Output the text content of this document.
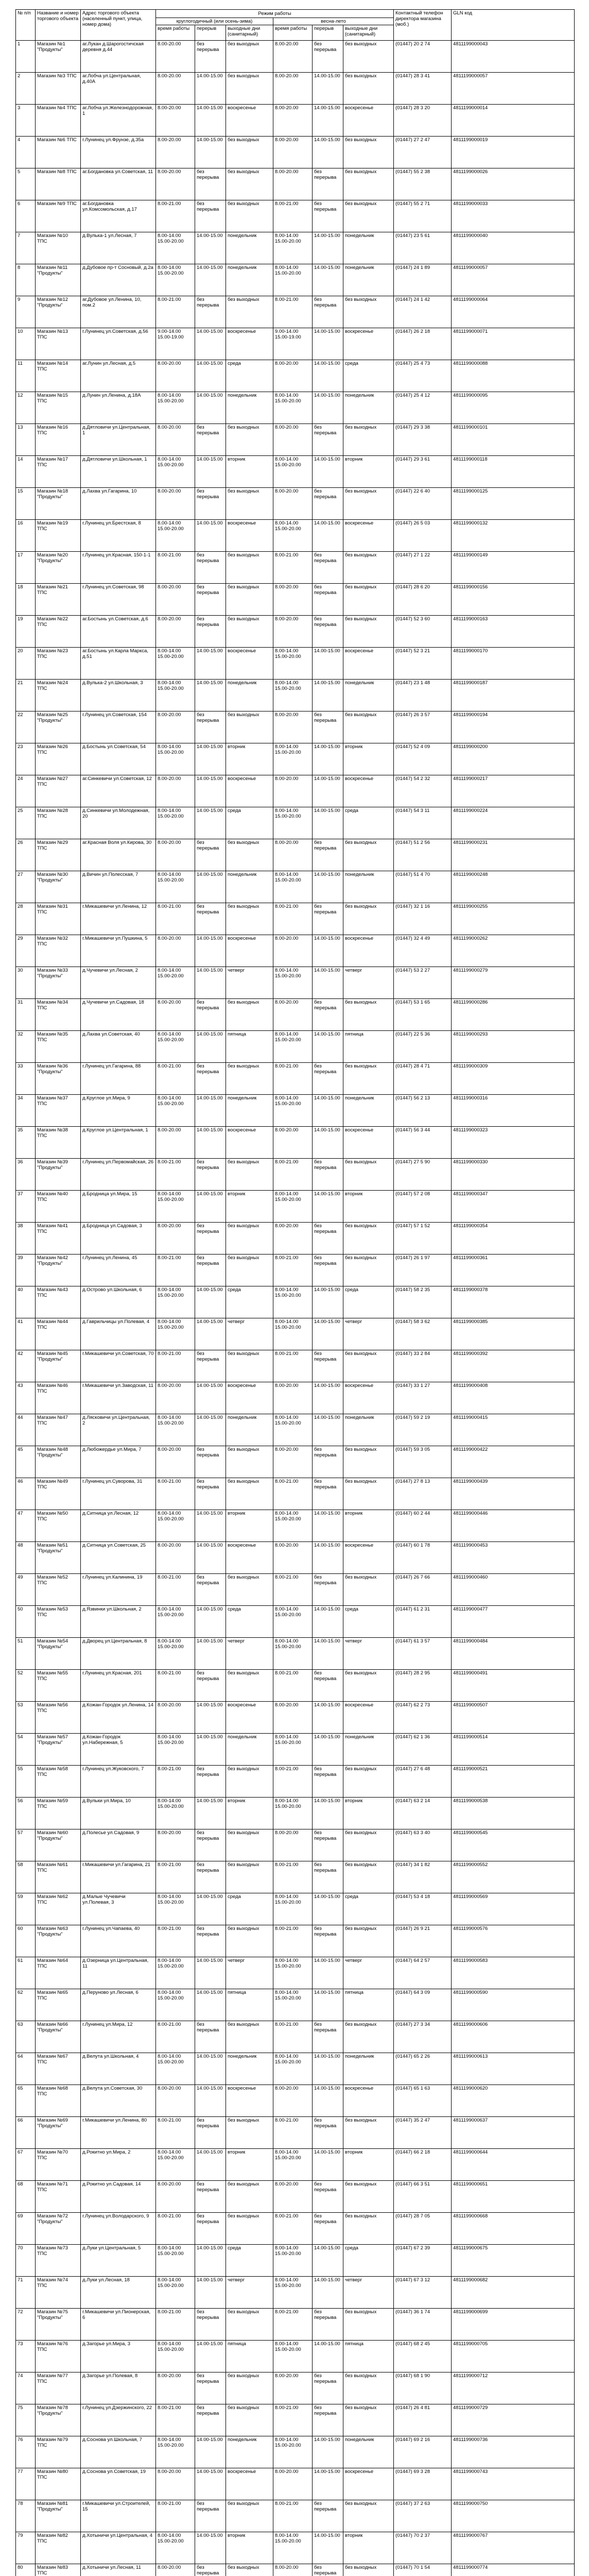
№ п/п	Название и номер торгового объекта	Адрес торгового объекта (населенный пункт, улица, номер дома)	Режим работы						Контактный телефон директора магазина (моб.)	GLN код
			круглогодичный (или осень-зима)			весна-лето				
			время работы	перерыв	выходные дни (санитарный)	время работы	перерыв	выходные дни (санитарный)		
1	Магазин №1 "Продукты"	аг.Лукан д.Шарогостичская деревня д.44	8.00-20.00	без перерыва	без выходных	8.00-20.00	без перерыва	без выходных	(01447) 20 2 74	4811199000043
2	Магазин №3 ТПС	аг.Лобча ул.Центральная, д.40А	8.00-20.00	14.00-15.00	без выходных	8.00-20.00	14.00-15.00	без выходных	(01447) 28 3 41	4811199000057
3	Магазин №4 ТПС	аг.Лобча ул.Железнодорожная, 1	8.00-20.00	14.00-15.00	воскресенье	8.00-20.00	14.00-15.00	воскресенье	(01447) 28 3 20	4811199000014
4	Магазин №6 ТПС	г.Лунинец ул.Фрунзе, д.35а	8.00-20.00	14.00-15.00	без выходных	8.00-20.00	14.00-15.00	без выходных	(01447) 27 2 47	4811199000019
5	Магазин №8 ТПС	аг.Богдановка ул.Советская, 11	8.00-20.00	без перерыва	без выходных	8.00-20.00	без перерыва	без выходных	(01447) 55 2 38	4811199000026
6	Магазин №9 ТПС	аг.Богдановка ул.Комсомольская, д.17	8.00-21.00	без перерыва	без выходных	8.00-21.00	без перерыва	без выходных	(01447) 55 2 71	4811199000033
7	Магазин №10 ТПС	д.Вулька-1 ул.Лесная, 7	8.00-14.00
15.00-20.00	14.00-15.00	понедельник	8.00-14.00
15.00-20.00	14.00-15.00	понедельник	(01447) 23 5 61	4811199000040
8	Магазин №11 "Продукты"	д.Дубовое пр-т Сосновый, д.2а	8.00-14.00
15.00-20.00	14.00-15.00	понедельник	8.00-14.00
15.00-20.00	14.00-15.00	понедельник	(01447) 24 1 89	4811199000057
9	Магазин №12 "Продукты"	аг.Дубовое ул.Ленина, 10, пом.2	8.00-21.00	без перерыва	без выходных	8.00-21.00	без перерыва	без выходных	(01447) 24 1 42	4811199000064
10	Магазин №13 ТПС	г.Лунинец ул.Советская, д.56	9.00-14.00
15.00-19.00	14.00-15.00	воскресенье	9.00-14.00
15.00-19.00	14.00-15.00	воскресенье	(01447) 26 2 18	4811199000071
11	Магазин №14 ТПС	аг.Лунин ул.Лесная, д.5	8.00-20.00	14.00-15.00	среда	8.00-20.00	14.00-15.00	среда	(01447) 25 4 73	4811199000088
12	Магазин №15 ТПС	д.Лунин ул.Ленина, д.18А	8.00-14.00
15.00-20.00	14.00-15.00	понедельник	8.00-14.00
15.00-20.00	14.00-15.00	понедельник	(01447) 25 4 12	4811199000095
13	Магазин №16 ТПС	д.Дятловичи ул.Центральная, 1	8.00-20.00	без перерыва	без выходных	8.00-20.00	без перерыва	без выходных	(01447) 29 3 38	4811199000101
14	Магазин №17 ТПС	д.Дятловичи ул.Школьная, 1	8.00-14.00
15.00-20.00	14.00-15.00	вторник	8.00-14.00
15.00-20.00	14.00-15.00	вторник	(01447) 29 3 61	4811199000118
15	Магазин №18 "Продукты"	д.Лахва ул.Гагарина, 10	8.00-20.00	без перерыва	без выходных	8.00-20.00	без перерыва	без выходных	(01447) 22 6 40	4811199000125
16	Магазин №19 ТПС	г.Лунинец ул.Брестская, 8	8.00-14.00
15.00-20.00	14.00-15.00	воскресенье	8.00-14.00
15.00-20.00	14.00-15.00	воскресенье	(01447) 26 5 03	4811199000132
17	Магазин №20 "Продукты"	г.Лунинец ул.Красная, 150-1-1	8.00-21.00	без перерыва	без выходных	8.00-21.00	без перерыва	без выходных	(01447) 27 1 22	4811199000149
18	Магазин №21 ТПС	г.Лунинец ул.Советская, 98	8.00-20.00	без перерыва	без выходных	8.00-20.00	без перерыва	без выходных	(01447) 28 6 20	4811199000156
19	Магазин №22 ТПС	аг.Бостынь ул.Советская, д.6	8.00-20.00	без перерыва	без выходных	8.00-20.00	без перерыва	без выходных	(01447) 52 3 60	4811199000163
20	Магазин №23 ТПС	аг.Бостынь ул.Карла Маркса, д.51	8.00-14.00
15.00-20.00	14.00-15.00	воскресенье	8.00-14.00
15.00-20.00	14.00-15.00	воскресенье	(01447) 52 3 21	4811199000170
21	Магазин №24 ТПС	д.Вулька-2 ул.Школьная, 3	8.00-14.00
15.00-20.00	14.00-15.00	понедельник	8.00-14.00
15.00-20.00	14.00-15.00	понедельник	(01447) 23 1 48	4811199000187
22	Магазин №25 "Продукты"	г.Лунинец ул.Советская, 154	8.00-20.00	без перерыва	без выходных	8.00-20.00	без перерыва	без выходных	(01447) 26 3 57	4811199000194
23	Магазин №26 ТПС	д.Бостынь ул.Советская, 54	8.00-14.00
15.00-20.00	14.00-15.00	вторник	8.00-14.00
15.00-20.00	14.00-15.00	вторник	(01447) 52 4 09	4811199000200
24	Магазин №27 ТПС	аг.Синкевичи ул.Советская, 12	8.00-20.00	14.00-15.00	воскресенье	8.00-20.00	14.00-15.00	воскресенье	(01447) 54 2 32	4811199000217
25	Магазин №28 ТПС	д.Синкевичи ул.Молодежная, 20	8.00-14.00
15.00-20.00	14.00-15.00	среда	8.00-14.00
15.00-20.00	14.00-15.00	среда	(01447) 54 3 11	4811199000224
26	Магазин №29 ТПС	аг.Красная Воля ул.Кирова, 30	8.00-20.00	без перерыва	без выходных	8.00-20.00	без перерыва	без выходных	(01447) 51 2 56	4811199000231
27	Магазин №30 "Продукты"	д.Вичин ул.Полесская, 7	8.00-14.00
15.00-20.00	14.00-15.00	понедельник	8.00-14.00
15.00-20.00	14.00-15.00	понедельник	(01447) 51 4 70	4811199000248
28	Магазин №31 ТПС	г.Микашевичи ул.Ленина, 12	8.00-21.00	без перерыва	без выходных	8.00-21.00	без перерыва	без выходных	(01447) 32 1 16	4811199000255
29	Магазин №32 ТПС	г.Микашевичи ул.Пушкина, 5	8.00-20.00	14.00-15.00	воскресенье	8.00-20.00	14.00-15.00	воскресенье	(01447) 32 4 49	4811199000262
30	Магазин №33 "Продукты"	д.Чучевичи ул.Лесная, 2	8.00-14.00
15.00-20.00	14.00-15.00	четверг	8.00-14.00
15.00-20.00	14.00-15.00	четверг	(01447) 53 2 27	4811199000279
31	Магазин №34 ТПС	д.Чучевичи ул.Садовая, 18	8.00-20.00	без перерыва	без выходных	8.00-20.00	без перерыва	без выходных	(01447) 53 1 65	4811199000286
32	Магазин №35 ТПС	д.Лахва ул.Советская, 40	8.00-14.00
15.00-20.00	14.00-15.00	пятница	8.00-14.00
15.00-20.00	14.00-15.00	пятница	(01447) 22 5 36	4811199000293
33	Магазин №36 "Продукты"	г.Лунинец ул.Гагарина, 88	8.00-21.00	без перерыва	без выходных	8.00-21.00	без перерыва	без выходных	(01447) 28 4 71	4811199000309
34	Магазин №37 ТПС	д.Круглое ул.Мира, 9	8.00-14.00
15.00-20.00	14.00-15.00	понедельник	8.00-14.00
15.00-20.00	14.00-15.00	понедельник	(01447) 56 2 13	4811199000316
35	Магазин №38 ТПС	д.Круглое ул.Центральная, 1	8.00-20.00	14.00-15.00	воскресенье	8.00-20.00	14.00-15.00	воскресенье	(01447) 56 3 44	4811199000323
36	Магазин №39 "Продукты"	г.Лунинец ул.Первомайская, 26	8.00-21.00	без перерыва	без выходных	8.00-21.00	без перерыва	без выходных	(01447) 27 5 90	4811199000330
37	Магазин №40 ТПС	д.Бродница ул.Мира, 15	8.00-14.00
15.00-20.00	14.00-15.00	вторник	8.00-14.00
15.00-20.00	14.00-15.00	вторник	(01447) 57 2 08	4811199000347
38	Магазин №41 ТПС	д.Бродница ул.Садовая, 3	8.00-20.00	без перерыва	без выходных	8.00-20.00	без перерыва	без выходных	(01447) 57 1 52	4811199000354
39	Магазин №42 "Продукты"	г.Лунинец ул.Ленина, 45	8.00-21.00	без перерыва	без выходных	8.00-21.00	без перерыва	без выходных	(01447) 26 1 97	4811199000361
40	Магазин №43 ТПС	д.Острово ул.Школьная, 6	8.00-14.00
15.00-20.00	14.00-15.00	среда	8.00-14.00
15.00-20.00	14.00-15.00	среда	(01447) 58 2 35	4811199000378
41	Магазин №44 ТПС	д.Гаврильчицы ул.Полевая, 4	8.00-14.00
15.00-20.00	14.00-15.00	четверг	8.00-14.00
15.00-20.00	14.00-15.00	четверг	(01447) 58 3 62	4811199000385
42	Магазин №45 "Продукты"	г.Микашевичи ул.Советская, 70	8.00-21.00	без перерыва	без выходных	8.00-21.00	без перерыва	без выходных	(01447) 33 2 84	4811199000392
43	Магазин №46 ТПС	г.Микашевичи ул.Заводская, 11	8.00-20.00	14.00-15.00	воскресенье	8.00-20.00	14.00-15.00	воскресенье	(01447) 33 1 27	4811199000408
44	Магазин №47 ТПС	д.Лясковичи ул.Центральная, 2	8.00-14.00
15.00-20.00	14.00-15.00	понедельник	8.00-14.00
15.00-20.00	14.00-15.00	понедельник	(01447) 59 2 19	4811199000415
45	Магазин №48 "Продукты"	д.Любожердье ул.Мира, 7	8.00-20.00	без перерыва	без выходных	8.00-20.00	без перерыва	без выходных	(01447) 59 3 05	4811199000422
46	Магазин №49 ТПС	г.Лунинец ул.Суворова, 31	8.00-21.00	без перерыва	без выходных	8.00-21.00	без перерыва	без выходных	(01447) 27 8 13	4811199000439
47	Магазин №50 ТПС	д.Ситница ул.Лесная, 12	8.00-14.00
15.00-20.00	14.00-15.00	вторник	8.00-14.00
15.00-20.00	14.00-15.00	вторник	(01447) 60 2 44	4811199000446
48	Магазин №51 "Продукты"	д.Ситница ул.Советская, 25	8.00-20.00	14.00-15.00	воскресенье	8.00-20.00	14.00-15.00	воскресенье	(01447) 60 1 78	4811199000453
49	Магазин №52 ТПС	г.Лунинец ул.Калинина, 19	8.00-21.00	без перерыва	без выходных	8.00-21.00	без перерыва	без выходных	(01447) 26 7 66	4811199000460
50	Магазин №53 ТПС	д.Язвинки ул.Школьная, 2	8.00-14.00
15.00-20.00	14.00-15.00	среда	8.00-14.00
15.00-20.00	14.00-15.00	среда	(01447) 61 2 31	4811199000477
51	Магазин №54 "Продукты"	д.Дворец ул.Центральная, 8	8.00-14.00
15.00-20.00	14.00-15.00	четверг	8.00-14.00
15.00-20.00	14.00-15.00	четверг	(01447) 61 3 57	4811199000484
52	Магазин №55 ТПС	г.Лунинец ул.Красная, 201	8.00-21.00	без перерыва	без выходных	8.00-21.00	без перерыва	без выходных	(01447) 28 2 95	4811199000491
53	Магазин №56 ТПС	д.Кожан-Городок ул.Ленина, 14	8.00-20.00	14.00-15.00	воскресенье	8.00-20.00	14.00-15.00	воскресенье	(01447) 62 2 73	4811199000507
54	Магазин №57 "Продукты"	д.Кожан-Городок ул.Набережная, 5	8.00-14.00
15.00-20.00	14.00-15.00	понедельник	8.00-14.00
15.00-20.00	14.00-15.00	понедельник	(01447) 62 1 36	4811199000514
55	Магазин №58 ТПС	г.Лунинец ул.Жуковского, 7	8.00-21.00	без перерыва	без выходных	8.00-21.00	без перерыва	без выходных	(01447) 27 6 48	4811199000521
56	Магазин №59 ТПС	д.Вульки ул.Мира, 10	8.00-14.00
15.00-20.00	14.00-15.00	вторник	8.00-14.00
15.00-20.00	14.00-15.00	вторник	(01447) 63 2 14	4811199000538
57	Магазин №60 "Продукты"	д.Полесье ул.Садовая, 9	8.00-20.00	без перерыва	без выходных	8.00-20.00	без перерыва	без выходных	(01447) 63 3 40	4811199000545
58	Магазин №61 ТПС	г.Микашевичи ул.Гагарина, 21	8.00-21.00	без перерыва	без выходных	8.00-21.00	без перерыва	без выходных	(01447) 34 1 82	4811199000552
59	Магазин №62 ТПС	д.Малые Чучевичи ул.Полевая, 3	8.00-14.00
15.00-20.00	14.00-15.00	среда	8.00-14.00
15.00-20.00	14.00-15.00	среда	(01447) 53 4 18	4811199000569
60	Магазин №63 "Продукты"	г.Лунинец ул.Чапаева, 40	8.00-21.00	без перерыва	без выходных	8.00-21.00	без перерыва	без выходных	(01447) 26 9 21	4811199000576
61	Магазин №64 ТПС	д.Озерница ул.Центральная, 11	8.00-14.00
15.00-20.00	14.00-15.00	четверг	8.00-14.00
15.00-20.00	14.00-15.00	четверг	(01447) 64 2 57	4811199000583
62	Магазин №65 ТПС	д.Перуново ул.Лесная, 6	8.00-14.00
15.00-20.00	14.00-15.00	пятница	8.00-14.00
15.00-20.00	14.00-15.00	пятница	(01447) 64 3 09	4811199000590
63	Магазин №66 "Продукты"	г.Лунинец ул.Мира, 12	8.00-21.00	без перерыва	без выходных	8.00-21.00	без перерыва	без выходных	(01447) 27 3 34	4811199000606
64	Магазин №67 ТПС	д.Велута ул.Школьная, 4	8.00-14.00
15.00-20.00	14.00-15.00	понедельник	8.00-14.00
15.00-20.00	14.00-15.00	понедельник	(01447) 65 2 26	4811199000613
65	Магазин №68 ТПС	д.Велута ул.Советская, 30	8.00-20.00	14.00-15.00	воскресенье	8.00-20.00	14.00-15.00	воскресенье	(01447) 65 1 63	4811199000620
66	Магазин №69 "Продукты"	г.Микашевичи ул.Ленина, 80	8.00-21.00	без перерыва	без выходных	8.00-21.00	без перерыва	без выходных	(01447) 35 2 47	4811199000637
67	Магазин №70 ТПС	д.Рокитно ул.Мира, 2	8.00-14.00
15.00-20.00	14.00-15.00	вторник	8.00-14.00
15.00-20.00	14.00-15.00	вторник	(01447) 66 2 18	4811199000644
68	Магазин №71 ТПС	д.Рокитно ул.Садовая, 14	8.00-20.00	без перерыва	без выходных	8.00-20.00	без перерыва	без выходных	(01447) 66 3 51	4811199000651
69	Магазин №72 "Продукты"	г.Лунинец ул.Володарского, 9	8.00-21.00	без перерыва	без выходных	8.00-21.00	без перерыва	без выходных	(01447) 28 7 05	4811199000668
70	Магазин №73 ТПС	д.Луки ул.Центральная, 5	8.00-14.00
15.00-20.00	14.00-15.00	среда	8.00-14.00
15.00-20.00	14.00-15.00	среда	(01447) 67 2 39	4811199000675
71	Магазин №74 ТПС	д.Луки ул.Лесная, 18	8.00-14.00
15.00-20.00	14.00-15.00	четверг	8.00-14.00
15.00-20.00	14.00-15.00	четверг	(01447) 67 3 12	4811199000682
72	Магазин №75 "Продукты"	г.Микашевичи ул.Пионерская, 6	8.00-21.00	без перерыва	без выходных	8.00-21.00	без перерыва	без выходных	(01447) 36 1 74	4811199000699
73	Магазин №76 ТПС	д.Загорье ул.Мира, 3	8.00-14.00
15.00-20.00	14.00-15.00	пятница	8.00-14.00
15.00-20.00	14.00-15.00	пятница	(01447) 68 2 45	4811199000705
74	Магазин №77 ТПС	д.Загорье ул.Полевая, 8	8.00-20.00	без перерыва	без выходных	8.00-20.00	без перерыва	без выходных	(01447) 68 1 90	4811199000712
75	Магазин №78 "Продукты"	г.Лунинец ул.Дзержинского, 22	8.00-21.00	без перерыва	без выходных	8.00-21.00	без перерыва	без выходных	(01447) 26 4 81	4811199000729
76	Магазин №79 ТПС	д.Соснова ул.Школьная, 7	8.00-14.00
15.00-20.00	14.00-15.00	понедельник	8.00-14.00
15.00-20.00	14.00-15.00	понедельник	(01447) 69 2 16	4811199000736
77	Магазин №80 ТПС	д.Соснова ул.Советская, 19	8.00-20.00	14.00-15.00	воскресенье	8.00-20.00	14.00-15.00	воскресенье	(01447) 69 3 28	4811199000743
78	Магазин №81 "Продукты"	г.Микашевичи ул.Строителей, 15	8.00-21.00	без перерыва	без выходных	8.00-21.00	без перерыва	без выходных	(01447) 37 2 63	4811199000750
79	Магазин №82 ТПС	д.Хотыничи ул.Центральная, 4	8.00-14.00
15.00-20.00	14.00-15.00	вторник	8.00-14.00
15.00-20.00	14.00-15.00	вторник	(01447) 70 2 37	4811199000767
80	Магазин №83 ТПС	д.Хотыничи ул.Лесная, 11	8.00-20.00	без перерыва	без выходных	8.00-20.00	без перерыва	без выходных	(01447) 70 1 54	4811199000774
